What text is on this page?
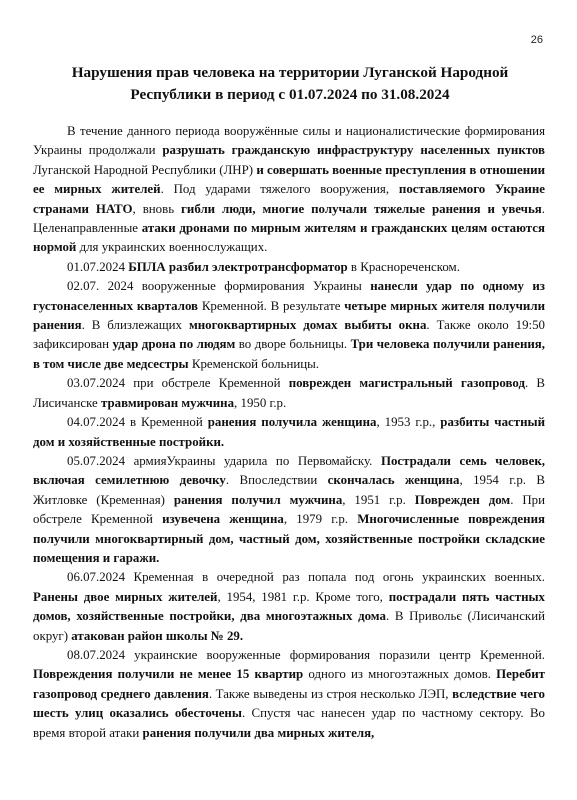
26
Нарушения прав человека на территории Луганской Народной Республики в период с 01.07.2024 по 31.08.2024

В течение данного периода вооружённые силы и националистические формирования Украины продолжали разрушать гражданскую инфраструктуру населенных пунктов Луганской Народной Республики (ЛНР) и совершать военные преступления в отношении ее мирных жителей. Под ударами тяжелого вооружения, поставляемого Украине странами НАТО, вновь гибли люди, многие получали тяжелые ранения и увечья. Целенаправленные атаки дронами по мирным жителям и гражданских целям остаются нормой для украинских военнослужащих.

01.07.2024 БПЛА разбил электротрансформатор в Краснореченском.

02.07. 2024 вооруженные формирования Украины нанесли удар по одному из густонаселенных кварталов Кременной. В результате четыре мирных жителя получили ранения. В близлежащих многоквартирных домах выбиты окна. Также около 19:50 зафиксирован удар дрона по людям во дворе больницы. Три человека получили ранения, в том числе две медсестры Кременской больницы.

03.07.2024 при обстреле Кременной поврежден магистральный газопровод. В Лисичанске травмирован мужчина, 1950 г.р.

04.07.2024 в Кременной ранения получила женщина, 1953 г.р., разбиты частный дом и хозяйственные постройки.

05.07.2024 армияУкраины ударила по Первомайску. Пострадали семь человек, включая семилетнюю девочку. Впоследствии скончалась женщина, 1954 г.р. В Житловке (Кременная) ранения получил мужчина, 1951 г.р. Поврежден дом. При обстреле Кременной изувечена женщина, 1979 г.р. Многочисленные повреждения получили многоквартирный дом, частный дом, хозяйственные постройки складские помещения и гаражи.

06.07.2024 Кременная в очередной раз попала под огонь украинских военных. Ранены двое мирных жителей, 1954, 1981 г.р. Кроме того, пострадали пять частных домов, хозяйственные постройки, два многоэтажных дома. В Привольє (Лисичанский округ) атакован район школы № 29.

08.07.2024 украинские вооруженные формирования поразили центр Кременной. Повреждения получили не менее 15 квартир одного из многоэтажных домов. Перебит газопровод среднего давления. Также выведены из строя несколько ЛЭП, вследствие чего шесть улиц оказались обесточены. Спустя час нанесен удар по частному сектору. Во время второй атаки ранения получили два мирных жителя,
